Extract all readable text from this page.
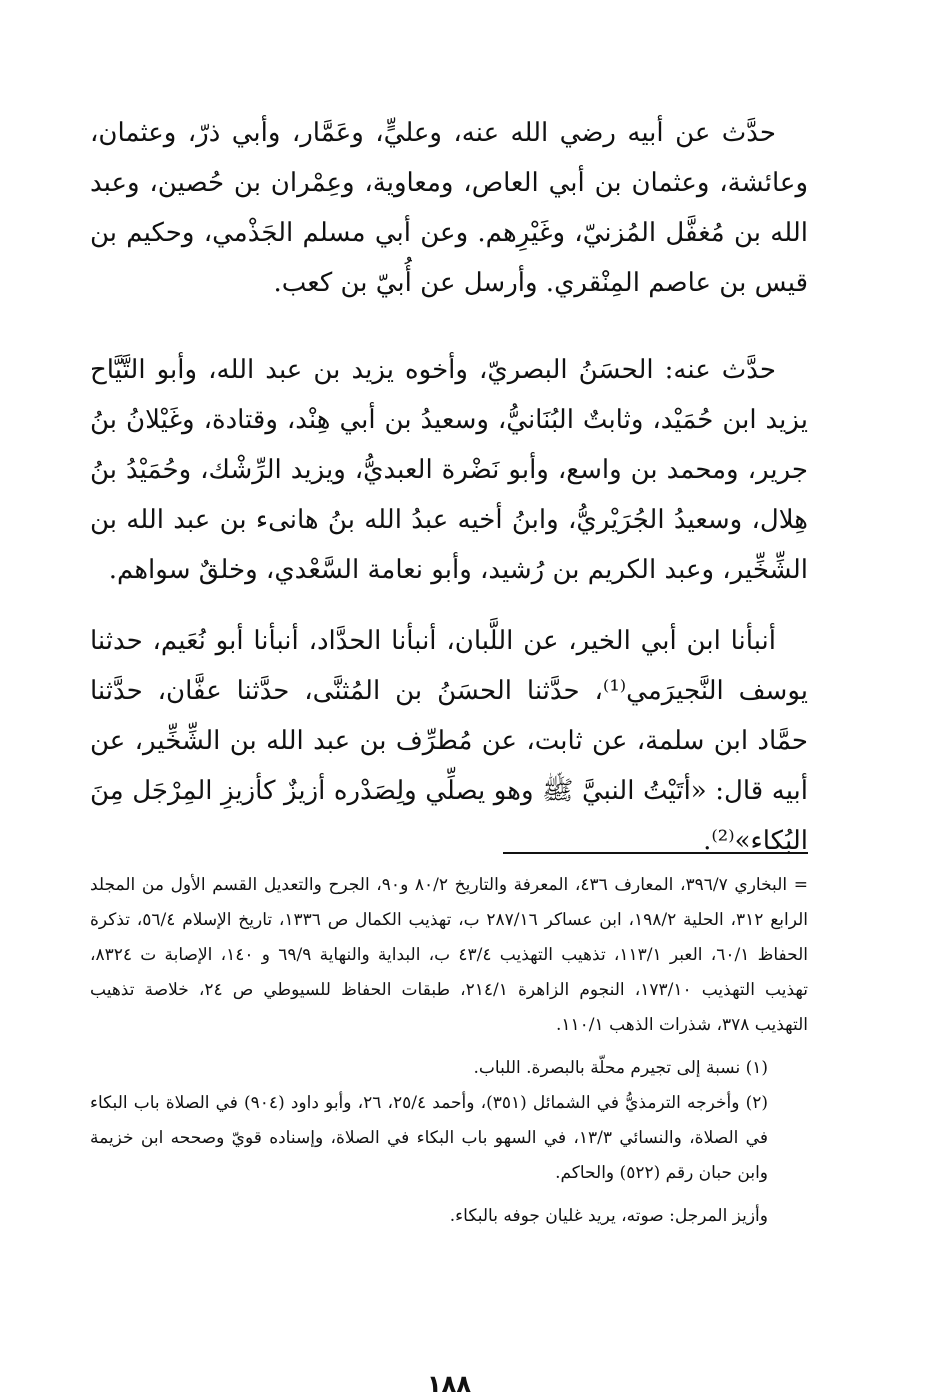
حدَّث عن أبيه رضي الله عنه، وعليٍّ، وعَمَّار، وأبي ذرّ، وعثمان، وعائشة، وعثمان بن أبي العاص، ومعاوية، وعِمْران بن حُصين، وعبد الله بن مُغفَّل المُزنيّ، وغَيْرِهم. وعن أبي مسلم الجَذْمي، وحكيم بن قيس بن عاصم المِنْقري. وأرسل عن أُبيّ بن كعب.

حدَّث عنه: الحسَنُ البصريّ، وأخوه يزيد بن عبد الله، وأبو التَّيَّاح يزيد ابن حُمَيْد، وثابتٌ البُنَانيُّ، وسعيدُ بن أبي هِنْد، وقتادة، وغَيْلانُ بنُ جرير، ومحمد بن واسع، وأبو نَضْرة العبديُّ، ويزيد الرِّشْك، وحُمَيْدُ بنُ هِلال، وسعيدُ الجُرَيْريُّ، وابنُ أخيه عبدُ الله بنُ هانىء بن عبد الله بن الشِّخِّير، وعبد الكريم بن رُشيد، وأبو نعامة السَّعْدي، وخلقٌ سواهم.

أنبأنا ابن أبي الخير، عن اللَّبان، أنبأنا الحدَّاد، أنبأنا أبو نُعَيم، حدثنا يوسف النَّجيرَمي⁽¹⁾، حدَّثنا الحسَنُ بن المُثنَّى، حدَّثنا عفَّان، حدَّثنا حمَّاد ابن سلمة، عن ثابت، عن مُطرِّف بن عبد الله بن الشِّخِّير، عن أبيه قال: «أتَيْتُ النبيَّ ﷺ وهو يصلِّي ولِصَدْره أزيزٌ كأزيزِ المِرْجَل مِنَ البُكاء»⁽²⁾.

= البخاري ٣٩٦/٧، المعارف ٤٣٦، المعرفة والتاريخ ٨٠/٢ و٩٠، الجرح والتعديل القسم الأول من المجلد الرابع ٣١٢، الحلية ١٩٨/٢، ابن عساكر ٢٨٧/١٦ ب، تهذيب الكمال ص ١٣٣٦، تاريخ الإسلام ٥٦/٤، تذكرة الحفاظ ٦٠/١، العبر ١١٣/١، تذهيب التهذيب ٤٣/٤ ب، البداية والنهاية ٦٩/٩ و ١٤٠، الإصابة ت ٨٣٢٤، تهذيب التهذيب ١٧٣/١٠، النجوم الزاهرة ٢١٤/١، طبقات الحفاظ للسيوطي ص ٢٤، خلاصة تذهيب التهذيب ٣٧٨، شذرات الذهب ١١٠/١.

(١) نسبة إلى تجيرم محلّة بالبصرة. اللباب.

(٢) وأخرجه الترمذيُّ في الشمائل (٣٥١)، وأحمد ٢٥/٤، ٢٦، وأبو داود (٩٠٤) في الصلاة باب البكاء في الصلاة، والنسائي ١٣/٣، في السهو باب البكاء في الصلاة، وإسناده قويّ وصححه ابن خزيمة وابن حبان رقم (٥٢٢) والحاكم.

وأزيز المرجل: صوته، يريد غليان جوفه بالبكاء.

١٨٨
